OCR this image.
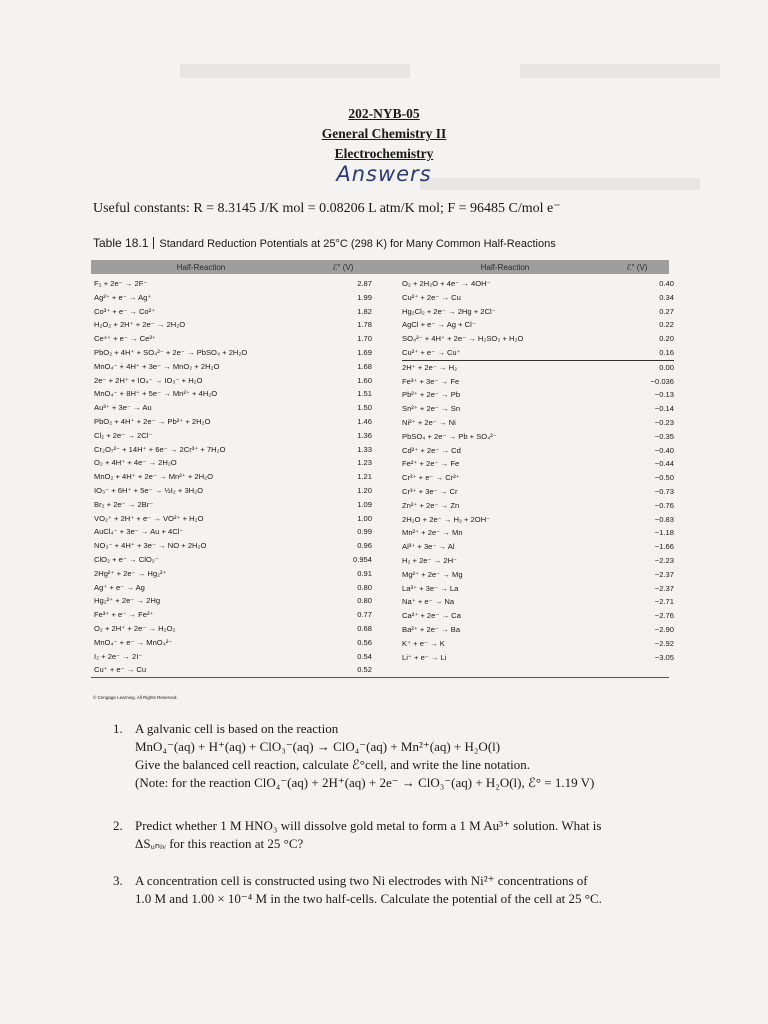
202-NYB-05
General Chemistry II
Electrochemistry
Answers
Useful constants: R = 8.3145 J/K mol = 0.08206 L atm/K mol; F = 96485 C/mol e⁻
Table 18.1 Standard Reduction Potentials at 25°C (298 K) for Many Common Half-Reactions
Half-Reaction	ℰ° (V)	Half-Reaction	ℰ° (V)
F₂ + 2e⁻ → 2F⁻	2.87
Ag²⁺ + e⁻ → Ag⁺	1.99
Co³⁺ + e⁻ → Co²⁺	1.82
H₂O₂ + 2H⁺ + 2e⁻ → 2H₂O	1.78
Ce⁴⁺ + e⁻ → Ce³⁺	1.70
PbO₂ + 4H⁺ + SO₄²⁻ + 2e⁻ → PbSO₄ + 2H₂O	1.69
MnO₄⁻ + 4H⁺ + 3e⁻ → MnO₂ + 2H₂O	1.68
2e⁻ + 2H⁺ + IO₄⁻ → IO₃⁻ + H₂O	1.60
MnO₄⁻ + 8H⁺ + 5e⁻ → Mn²⁺ + 4H₂O	1.51
Au³⁺ + 3e⁻ → Au	1.50
PbO₂ + 4H⁺ + 2e⁻ → Pb²⁺ + 2H₂O	1.46
Cl₂ + 2e⁻ → 2Cl⁻	1.36
Cr₂O₇²⁻ + 14H⁺ + 6e⁻ → 2Cr³⁺ + 7H₂O	1.33
O₂ + 4H⁺ + 4e⁻ → 2H₂O	1.23
MnO₂ + 4H⁺ + 2e⁻ → Mn²⁺ + 2H₂O	1.21
IO₃⁻ + 6H⁺ + 5e⁻ → ½I₂ + 3H₂O	1.20
Br₂ + 2e⁻ → 2Br⁻	1.09
VO₂⁺ + 2H⁺ + e⁻ → VO²⁺ + H₂O	1.00
AuCl₄⁻ + 3e⁻ → Au + 4Cl⁻	0.99
NO₃⁻ + 4H⁺ + 3e⁻ → NO + 2H₂O	0.96
ClO₂ + e⁻ → ClO₂⁻	0.954
2Hg²⁺ + 2e⁻ → Hg₂²⁺	0.91
Ag⁺ + e⁻ → Ag	0.80
Hg₂²⁺ + 2e⁻ → 2Hg	0.80
Fe³⁺ + e⁻ → Fe²⁺	0.77
O₂ + 2H⁺ + 2e⁻ → H₂O₂	0.68
MnO₄⁻ + e⁻ → MnO₄²⁻	0.56
I₂ + 2e⁻ → 2I⁻	0.54
Cu⁺ + e⁻ → Cu	0.52
O₂ + 2H₂O + 4e⁻ → 4OH⁻	0.40
Cu²⁺ + 2e⁻ → Cu	0.34
Hg₂Cl₂ + 2e⁻ → 2Hg + 2Cl⁻	0.27
AgCl + e⁻ → Ag + Cl⁻	0.22
SO₄²⁻ + 4H⁺ + 2e⁻ → H₂SO₃ + H₂O	0.20
Cu²⁺ + e⁻ → Cu⁺	0.16
2H⁺ + 2e⁻ → H₂	0.00
Fe³⁺ + 3e⁻ → Fe	−0.036
Pb²⁺ + 2e⁻ → Pb	−0.13
Sn²⁺ + 2e⁻ → Sn	−0.14
Ni²⁺ + 2e⁻ → Ni	−0.23
PbSO₄ + 2e⁻ → Pb + SO₄²⁻	−0.35
Cd²⁺ + 2e⁻ → Cd	−0.40
Fe²⁺ + 2e⁻ → Fe	−0.44
Cr³⁺ + e⁻ → Cr²⁺	−0.50
Cr³⁺ + 3e⁻ → Cr	−0.73
Zn²⁺ + 2e⁻ → Zn	−0.76
2H₂O + 2e⁻ → H₂ + 2OH⁻	−0.83
Mn²⁺ + 2e⁻ → Mn	−1.18
Al³⁺ + 3e⁻ → Al	−1.66
H₂ + 2e⁻ → 2H⁻	−2.23
Mg²⁺ + 2e⁻ → Mg	−2.37
La³⁺ + 3e⁻ → La	−2.37
Na⁺ + e⁻ → Na	−2.71
Ca²⁺ + 2e⁻ → Ca	−2.76
Ba²⁺ + 2e⁻ → Ba	−2.90
K⁺ + e⁻ → K	−2.92
Li⁺ + e⁻ → Li	−3.05
© Cengage Learning. All Rights Reserved.
1. A galvanic cell is based on the reaction
MnO₄⁻(aq) + H⁺(aq) + ClO₃⁻(aq) → ClO₄⁻(aq) + Mn²⁺(aq) + H₂O(l)
Give the balanced cell reaction, calculate ℰ°cell, and write the line notation.
(Note: for the reaction ClO₄⁻(aq) + 2H⁺(aq) + 2e⁻ → ClO₃⁻(aq) + H₂O(l), ℰ° = 1.19 V)
2. Predict whether 1 M HNO₃ will dissolve gold metal to form a 1 M Au³⁺ solution. What is
ΔSᵤₙᵢᵥ for this reaction at 25 °C?
3. A concentration cell is constructed using two Ni electrodes with Ni²⁺ concentrations of
1.0 M and 1.00 × 10⁻⁴ M in the two half-cells. Calculate the potential of the cell at 25 °C.
